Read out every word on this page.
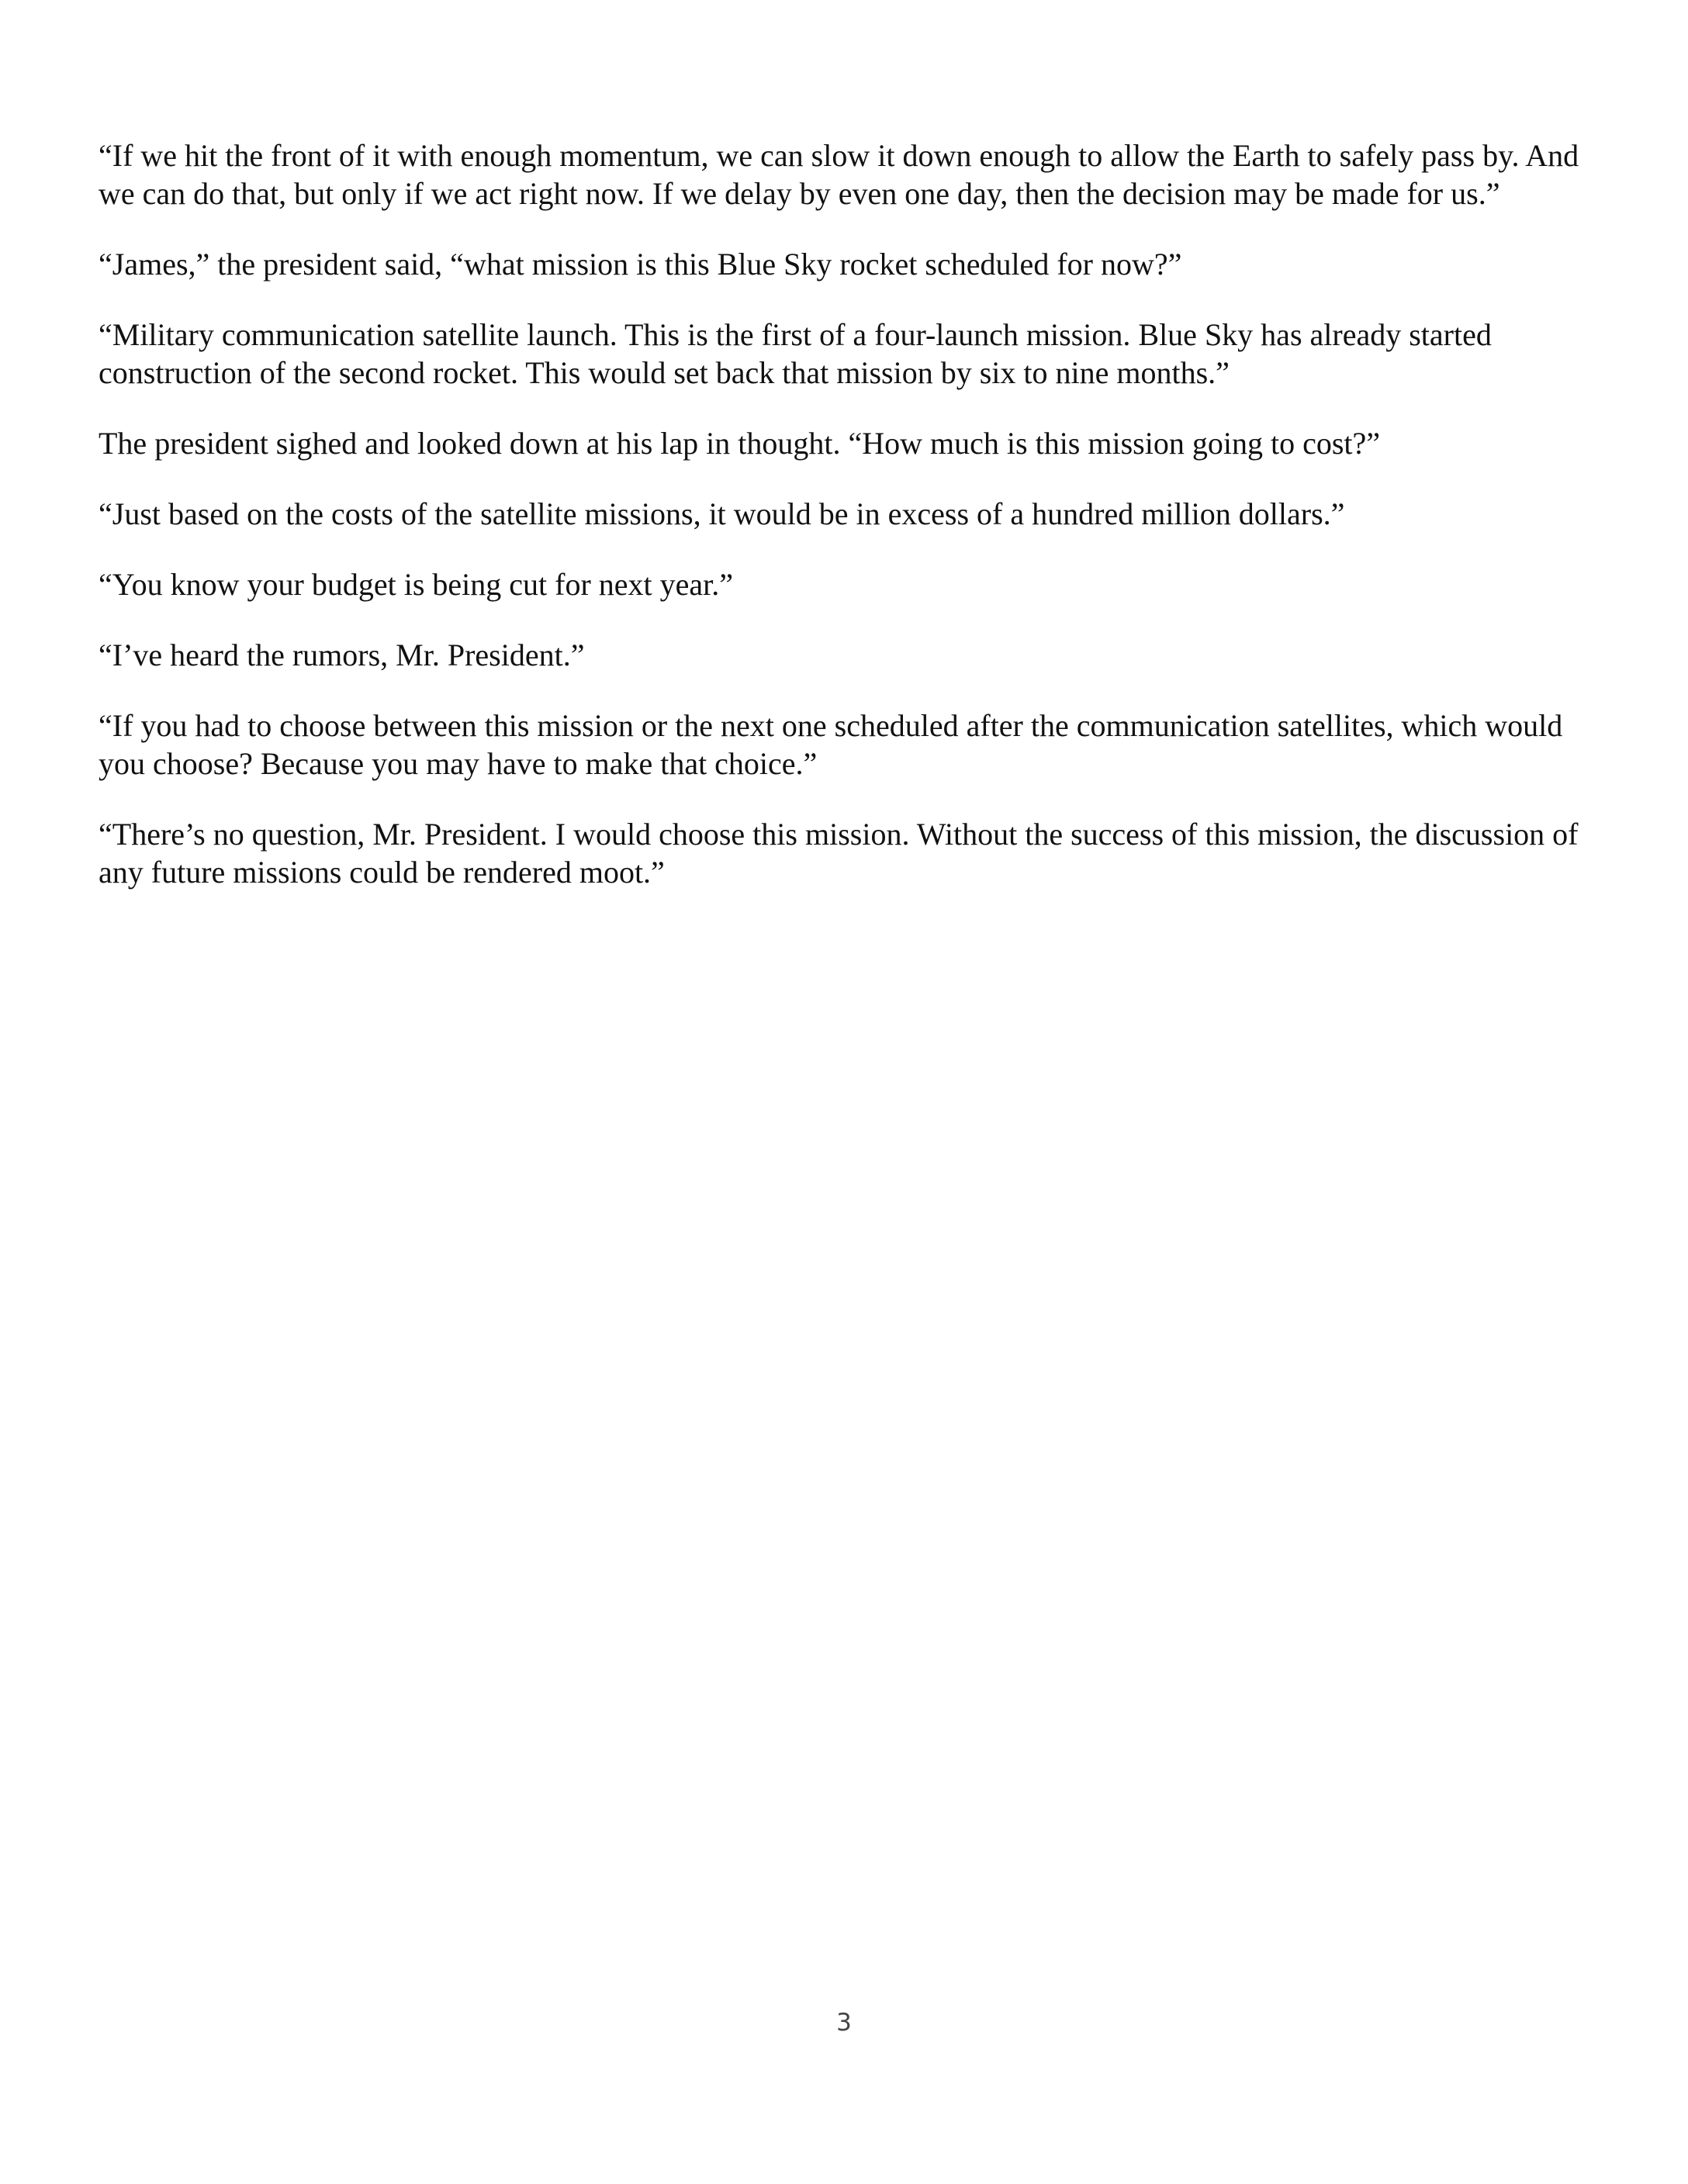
“If we hit the front of it with enough momentum, we can slow it down enough to allow the Earth to safely pass by. And we can do that, but only if we act right now. If we delay by even one day, then the decision may be made for us.”

“James,” the president said, “what mission is this Blue Sky rocket scheduled for now?”

“Military communication satellite launch. This is the first of a four-launch mission. Blue Sky has already started construction of the second rocket. This would set back that mission by six to nine months.”

The president sighed and looked down at his lap in thought. “How much is this mission going to cost?”

“Just based on the costs of the satellite missions, it would be in excess of a hundred million dollars.”

“You know your budget is being cut for next year.”

“I’ve heard the rumors, Mr. President.”

“If you had to choose between this mission or the next one scheduled after the communication satellites, which would you choose? Because you may have to make that choice.”

“There’s no question, Mr. President. I would choose this mission. Without the success of this mission, the discussion of any future missions could be rendered moot.”

3
